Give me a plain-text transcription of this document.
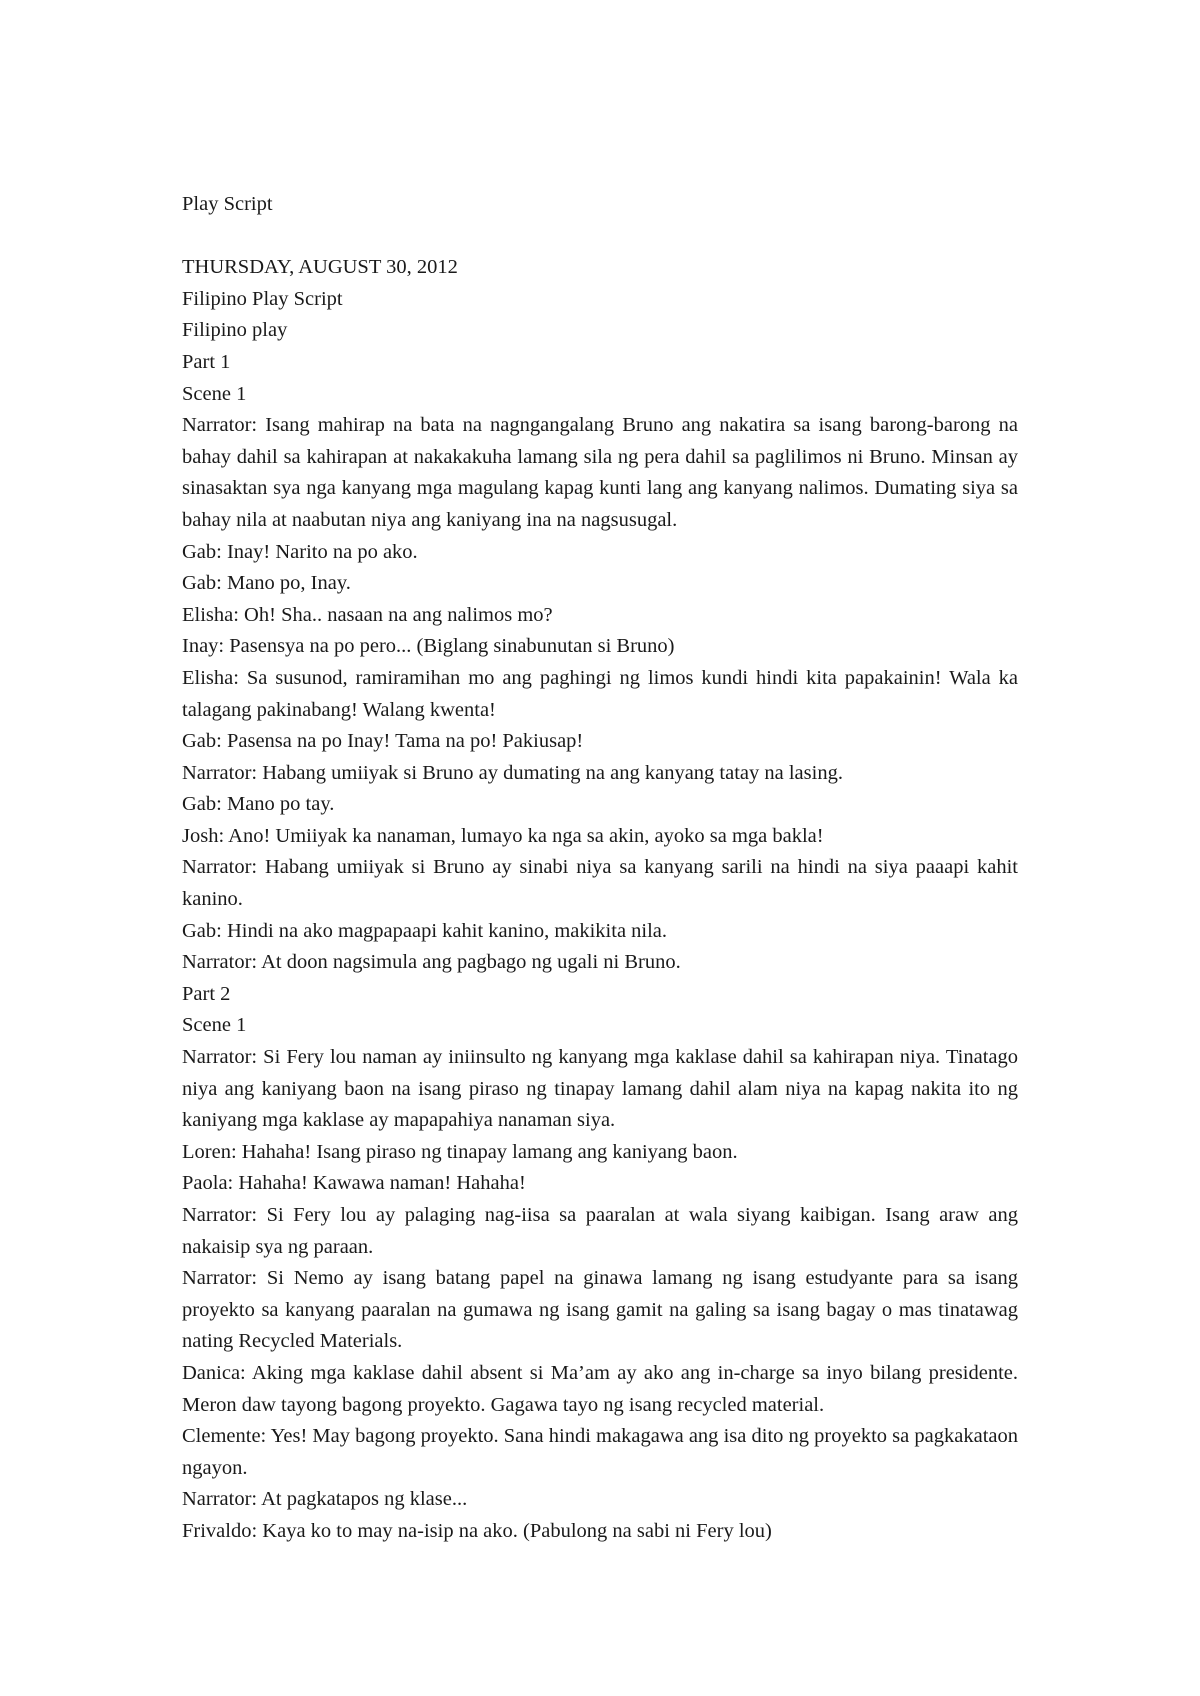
Play Script
THURSDAY, AUGUST 30, 2012
Filipino Play Script
Filipino play
Part 1
Scene 1
Narrator: Isang mahirap na bata na nagngangalang Bruno ang nakatira sa isang barong-barong na bahay dahil sa kahirapan at nakakakuha lamang sila ng pera dahil sa paglilimos ni Bruno. Minsan ay sinasaktan sya nga kanyang mga magulang kapag kunti lang ang kanyang nalimos. Dumating siya sa bahay nila at naabutan niya ang kaniyang ina na nagsusugal.
Gab: Inay! Narito na po ako.
Gab: Mano po, Inay.
Elisha: Oh! Sha.. nasaan na ang nalimos mo?
Inay: Pasensya na po pero... (Biglang sinabunutan si Bruno)
Elisha: Sa susunod, ramiramihan mo ang paghingi ng limos kundi hindi kita papakainin! Wala ka talagang pakinabang! Walang kwenta!
Gab: Pasensa na po Inay! Tama na po! Pakiusap!
Narrator: Habang umiiyak si Bruno ay dumating na ang kanyang tatay na lasing.
Gab: Mano po tay.
Josh: Ano! Umiiyak ka nanaman, lumayo ka nga sa akin, ayoko sa mga bakla!
Narrator: Habang umiiyak si Bruno ay sinabi niya sa kanyang sarili na hindi na siya paaapi kahit kanino.
Gab: Hindi na ako magpapaapi kahit kanino, makikita nila.
Narrator: At doon nagsimula ang pagbago ng ugali ni Bruno.
Part 2
Scene 1
Narrator: Si Fery lou naman ay iniinsulto ng kanyang mga kaklase dahil sa kahirapan niya. Tinatago niya ang kaniyang baon na isang piraso ng tinapay lamang dahil alam niya na kapag nakita ito ng kaniyang mga kaklase ay mapapahiya nanaman siya.
Loren: Hahaha! Isang piraso ng tinapay lamang ang kaniyang baon.
Paola: Hahaha! Kawawa naman! Hahaha!
Narrator: Si Fery lou ay palaging nag-iisa sa paaralan at wala siyang kaibigan. Isang araw ang nakaisip sya ng paraan.
Narrator: Si Nemo ay isang batang papel na ginawa lamang ng isang estudyante para sa isang proyekto sa kanyang paaralan na gumawa ng isang gamit na galing sa isang bagay o mas tinatawag nating Recycled Materials.
Danica: Aking mga kaklase dahil absent si Ma’am ay ako ang in-charge sa inyo bilang presidente. Meron daw tayong bagong proyekto. Gagawa tayo ng isang recycled material.
Clemente: Yes! May bagong proyekto. Sana hindi makagawa ang isa dito ng proyekto sa pagkakataon ngayon.
Narrator: At pagkatapos ng klase...
Frivaldo: Kaya ko to may na-isip na ako. (Pabulong na sabi ni Fery lou)
